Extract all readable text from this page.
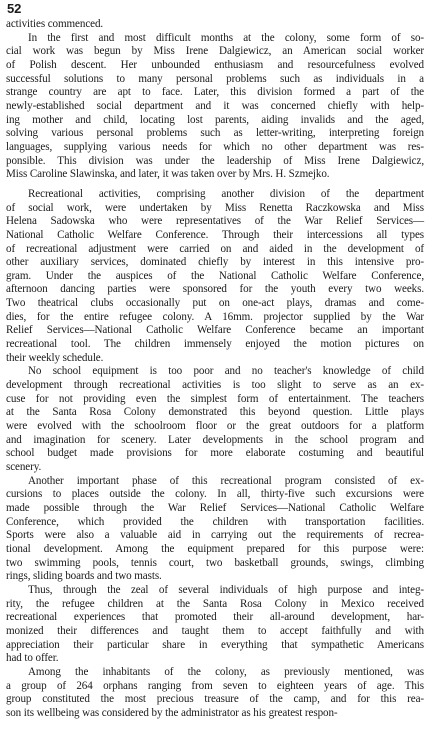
52

activities commenced.

In the first and most difficult months at the colony, some form of so-
cial work was begun by Miss Irene Dalgiewicz, an American social worker
of Polish descent. Her unbounded enthusiasm and resourcefulness evolved
successful solutions to many personal problems such as individuals in a
strange country are apt to face. Later, this division formed a part of the
newly-established social department and it was concerned chiefly with help-
ing mother and child, locating lost parents, aiding invalids and the aged,
solving various personal problems such as letter-writing, interpreting foreign
languages, supplying various needs for which no other department was res-
ponsible. This division was under the leadership of Miss Irene Dalgiewicz,
Miss Caroline Slawinska, and later, it was taken over by Mrs. H. Szmejko.

Recreational activities, comprising another division of the department
of social work, were undertaken by Miss Renetta Raczkowska and Miss
Helena Sadowska who were representatives of the War Relief Services—
National Catholic Welfare Conference. Through their intercessions all types
of recreational adjustment were carried on and aided in the development of
other auxiliary services, dominated chiefly by interest in this intensive pro-
gram. Under the auspices of the National Catholic Welfare Conference,
afternoon dancing parties were sponsored for the youth every two weeks.
Two theatrical clubs occasionally put on one-act plays, dramas and come-
dies, for the entire refugee colony. A 16mm. projector supplied by the War
Relief Services—National Catholic Welfare Conference became an important
recreational tool. The children immensely enjoyed the motion pictures on
their weekly schedule.

No school equipment is too poor and no teacher's knowledge of child
development through recreational activities is too slight to serve as an ex-
cuse for not providing even the simplest form of entertainment. The teachers
at the Santa Rosa Colony demonstrated this beyond question. Little plays
were evolved with the schoolroom floor or the great outdoors for a platform
and imagination for scenery. Later developments in the school program and
school budget made provisions for more elaborate costuming and beautiful
scenery.

Another important phase of this recreational program consisted of ex-
cursions to places outside the colony. In all, thirty-five such excursions were
made possible through the War Relief Services—National Catholic Welfare
Conference, which provided the children with transportation facilities.
Sports were also a valuable aid in carrying out the requirements of recrea-
tional development. Among the equipment prepared for this purpose were:
two swimming pools, tennis court, two basketball grounds, swings, climbing
rings, sliding boards and two masts.

Thus, through the zeal of several individuals of high purpose and integ-
rity, the refugee children at the Santa Rosa Colony in Mexico received
recreational experiences that promoted their all-around development, har-
monized their differences and taught them to accept faithfully and with
appreciation their particular share in everything that sympathetic Americans
had to offer.

Among the inhabitants of the colony, as previously mentioned, was
a group of 264 orphans ranging from seven to eighteen years of age. This
group constituted the most precious treasure of the camp, and for this rea-
son its wellbeing was considered by the administrator as his greatest respon-
